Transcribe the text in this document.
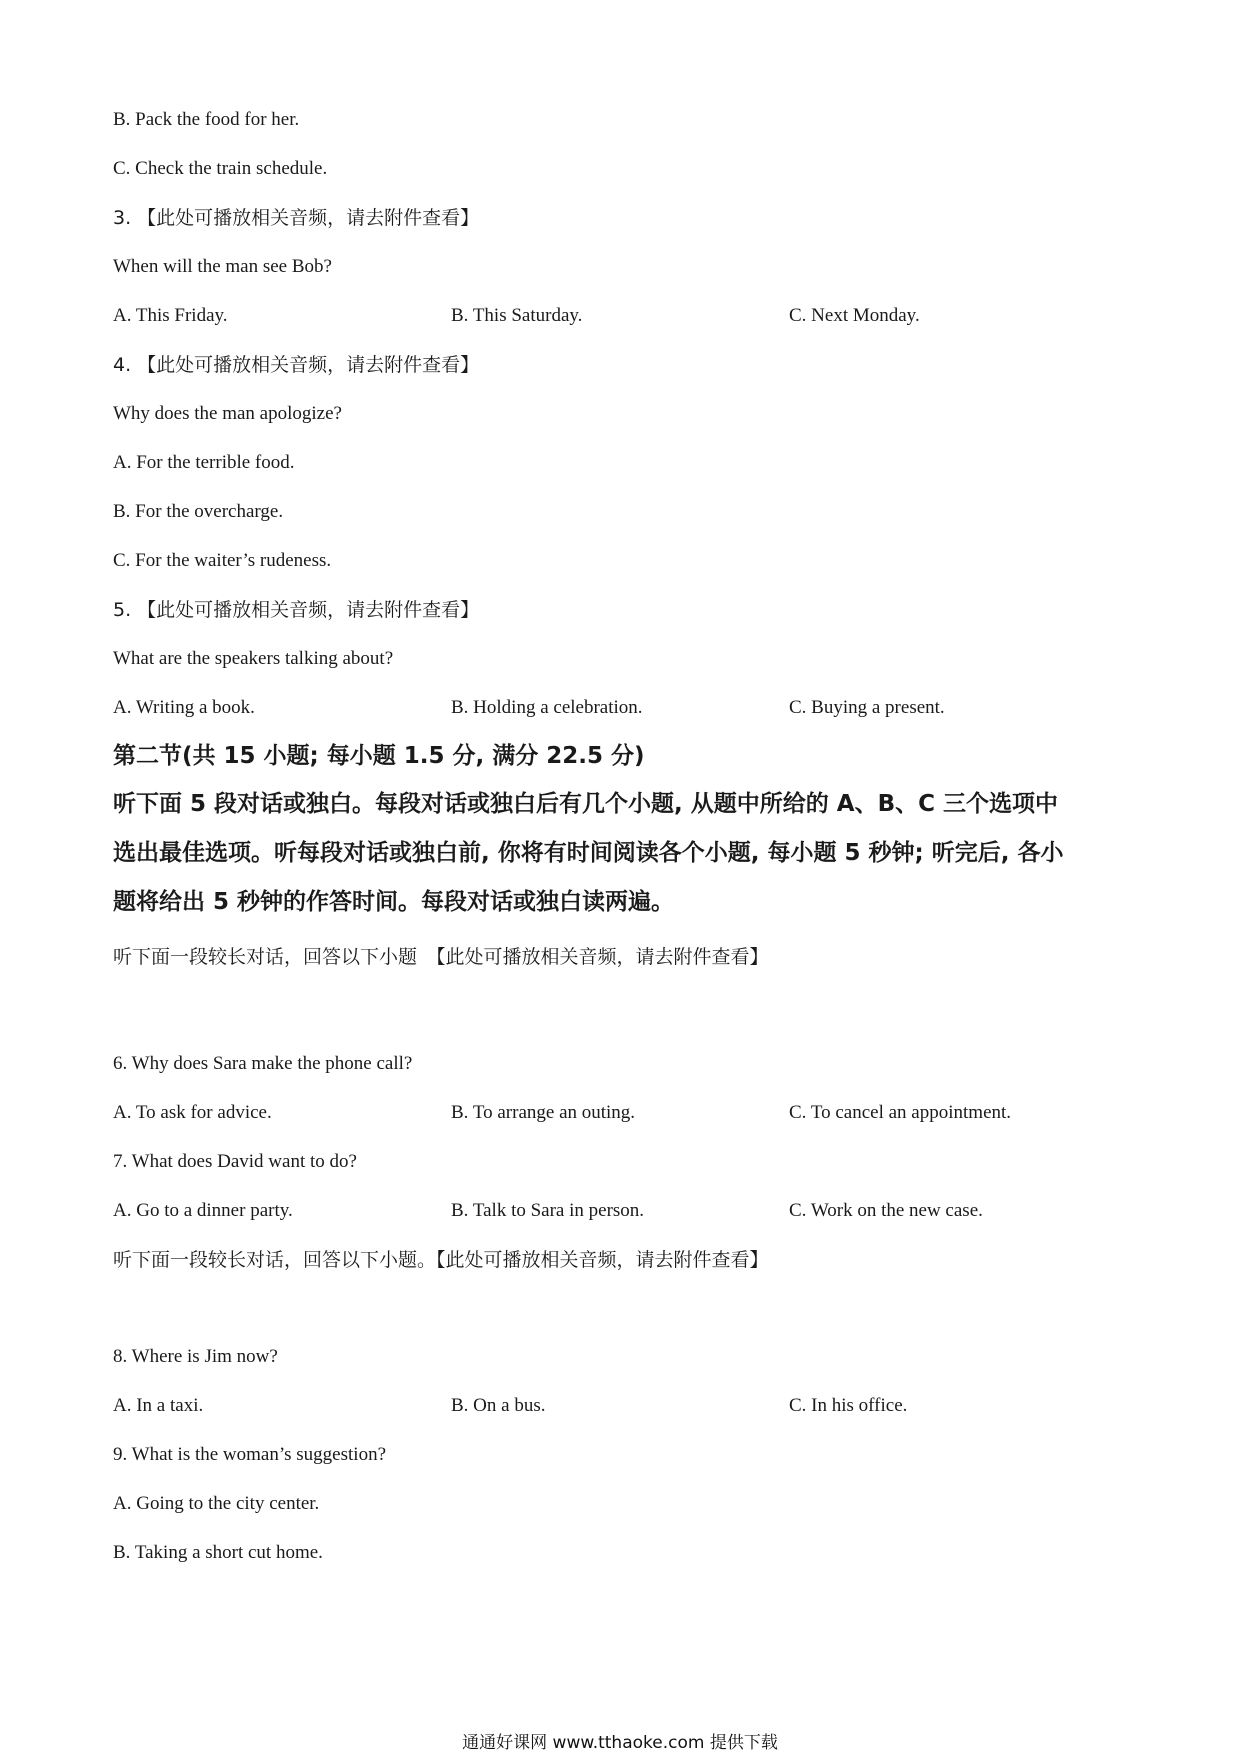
B. Pack the food for her.
C. Check the train schedule.
3. 【此处可播放相关音频，请去附件查看】
When will the man see Bob?
A. This Friday.	B. This Saturday.	C. Next Monday.
4. 【此处可播放相关音频，请去附件查看】
Why does the man apologize?
A. For the terrible food.
B. For the overcharge.
C. For the waiter’s rudeness.
5. 【此处可播放相关音频，请去附件查看】
What are the speakers talking about?
A. Writing a book.	B. Holding a celebration.	C. Buying a present.
第二节(共 15 小题; 每小题 1.5 分, 满分 22.5 分)
听下面 5 段对话或独白。每段对话或独白后有几个小题, 从题中所给的 A、B、C 三个选项中
选出最佳选项。听每段对话或独白前, 你将有时间阅读各个小题, 每小题 5 秒钟; 听完后, 各小
题将给出 5 秒钟的作答时间。每段对话或独白读两遍。
听下面一段较长对话，回答以下小题　【此处可播放相关音频，请去附件查看】
6. Why does Sara make the phone call?
A. To ask for advice.	B. To arrange an outing.	C. To cancel an appointment.
7. What does David want to do?
A. Go to a dinner party.	B. Talk to Sara in person.	C. Work on the new case.
听下面一段较长对话，回答以下小题。【此处可播放相关音频，请去附件查看】
8. Where is Jim now?
A. In a taxi.	B. On a bus.	C. In his office.
9. What is the woman’s suggestion?
A. Going to the city center.
B. Taking a short cut home.
通通好课网 www.tthaoke.com 提供下载
